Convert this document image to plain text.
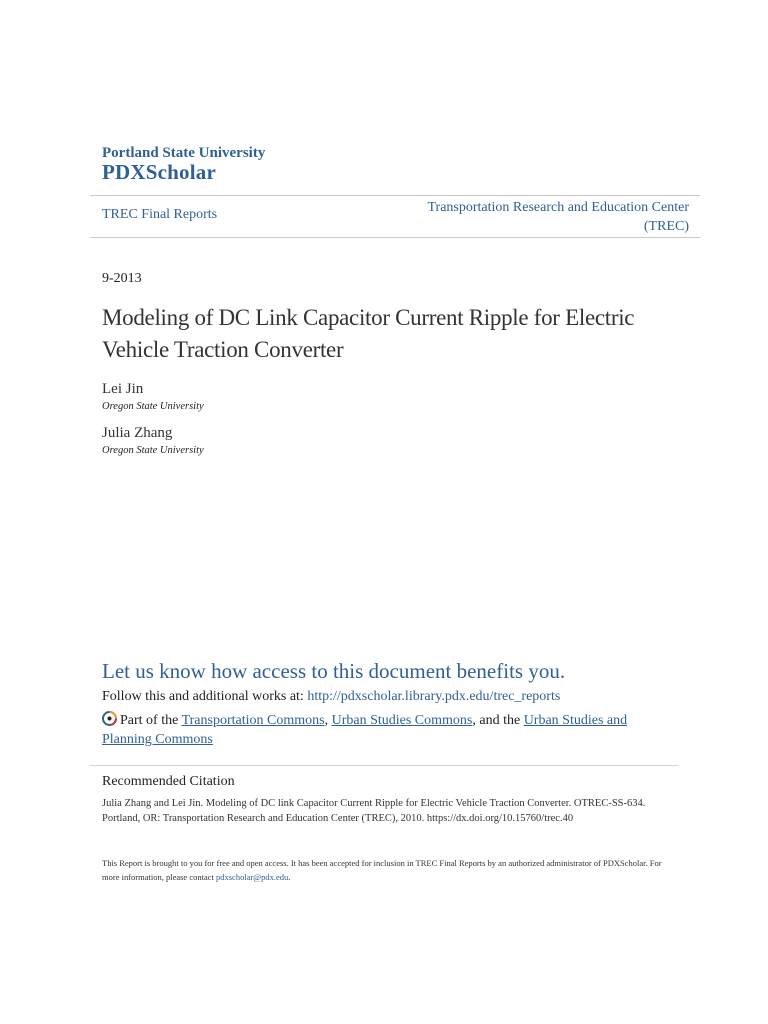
Portland State University
PDXScholar
TREC Final Reports	Transportation Research and Education Center
(TREC)
9-2013
Modeling of DC Link Capacitor Current Ripple for Electric Vehicle Traction Converter
Lei Jin
Oregon State University
Julia Zhang
Oregon State University
Let us know how access to this document benefits you.
Follow this and additional works at: http://pdxscholar.library.pdx.edu/trec_reports
Part of the Transportation Commons, Urban Studies Commons, and the Urban Studies and Planning Commons
Recommended Citation
Julia Zhang and Lei Jin. Modeling of DC link Capacitor Current Ripple for Electric Vehicle Traction Converter. OTREC-SS-634. Portland, OR: Transportation Research and Education Center (TREC), 2010. https://dx.doi.org/10.15760/trec.40
This Report is brought to you for free and open access. It has been accepted for inclusion in TREC Final Reports by an authorized administrator of PDXScholar. For more information, please contact pdxscholar@pdx.edu.
